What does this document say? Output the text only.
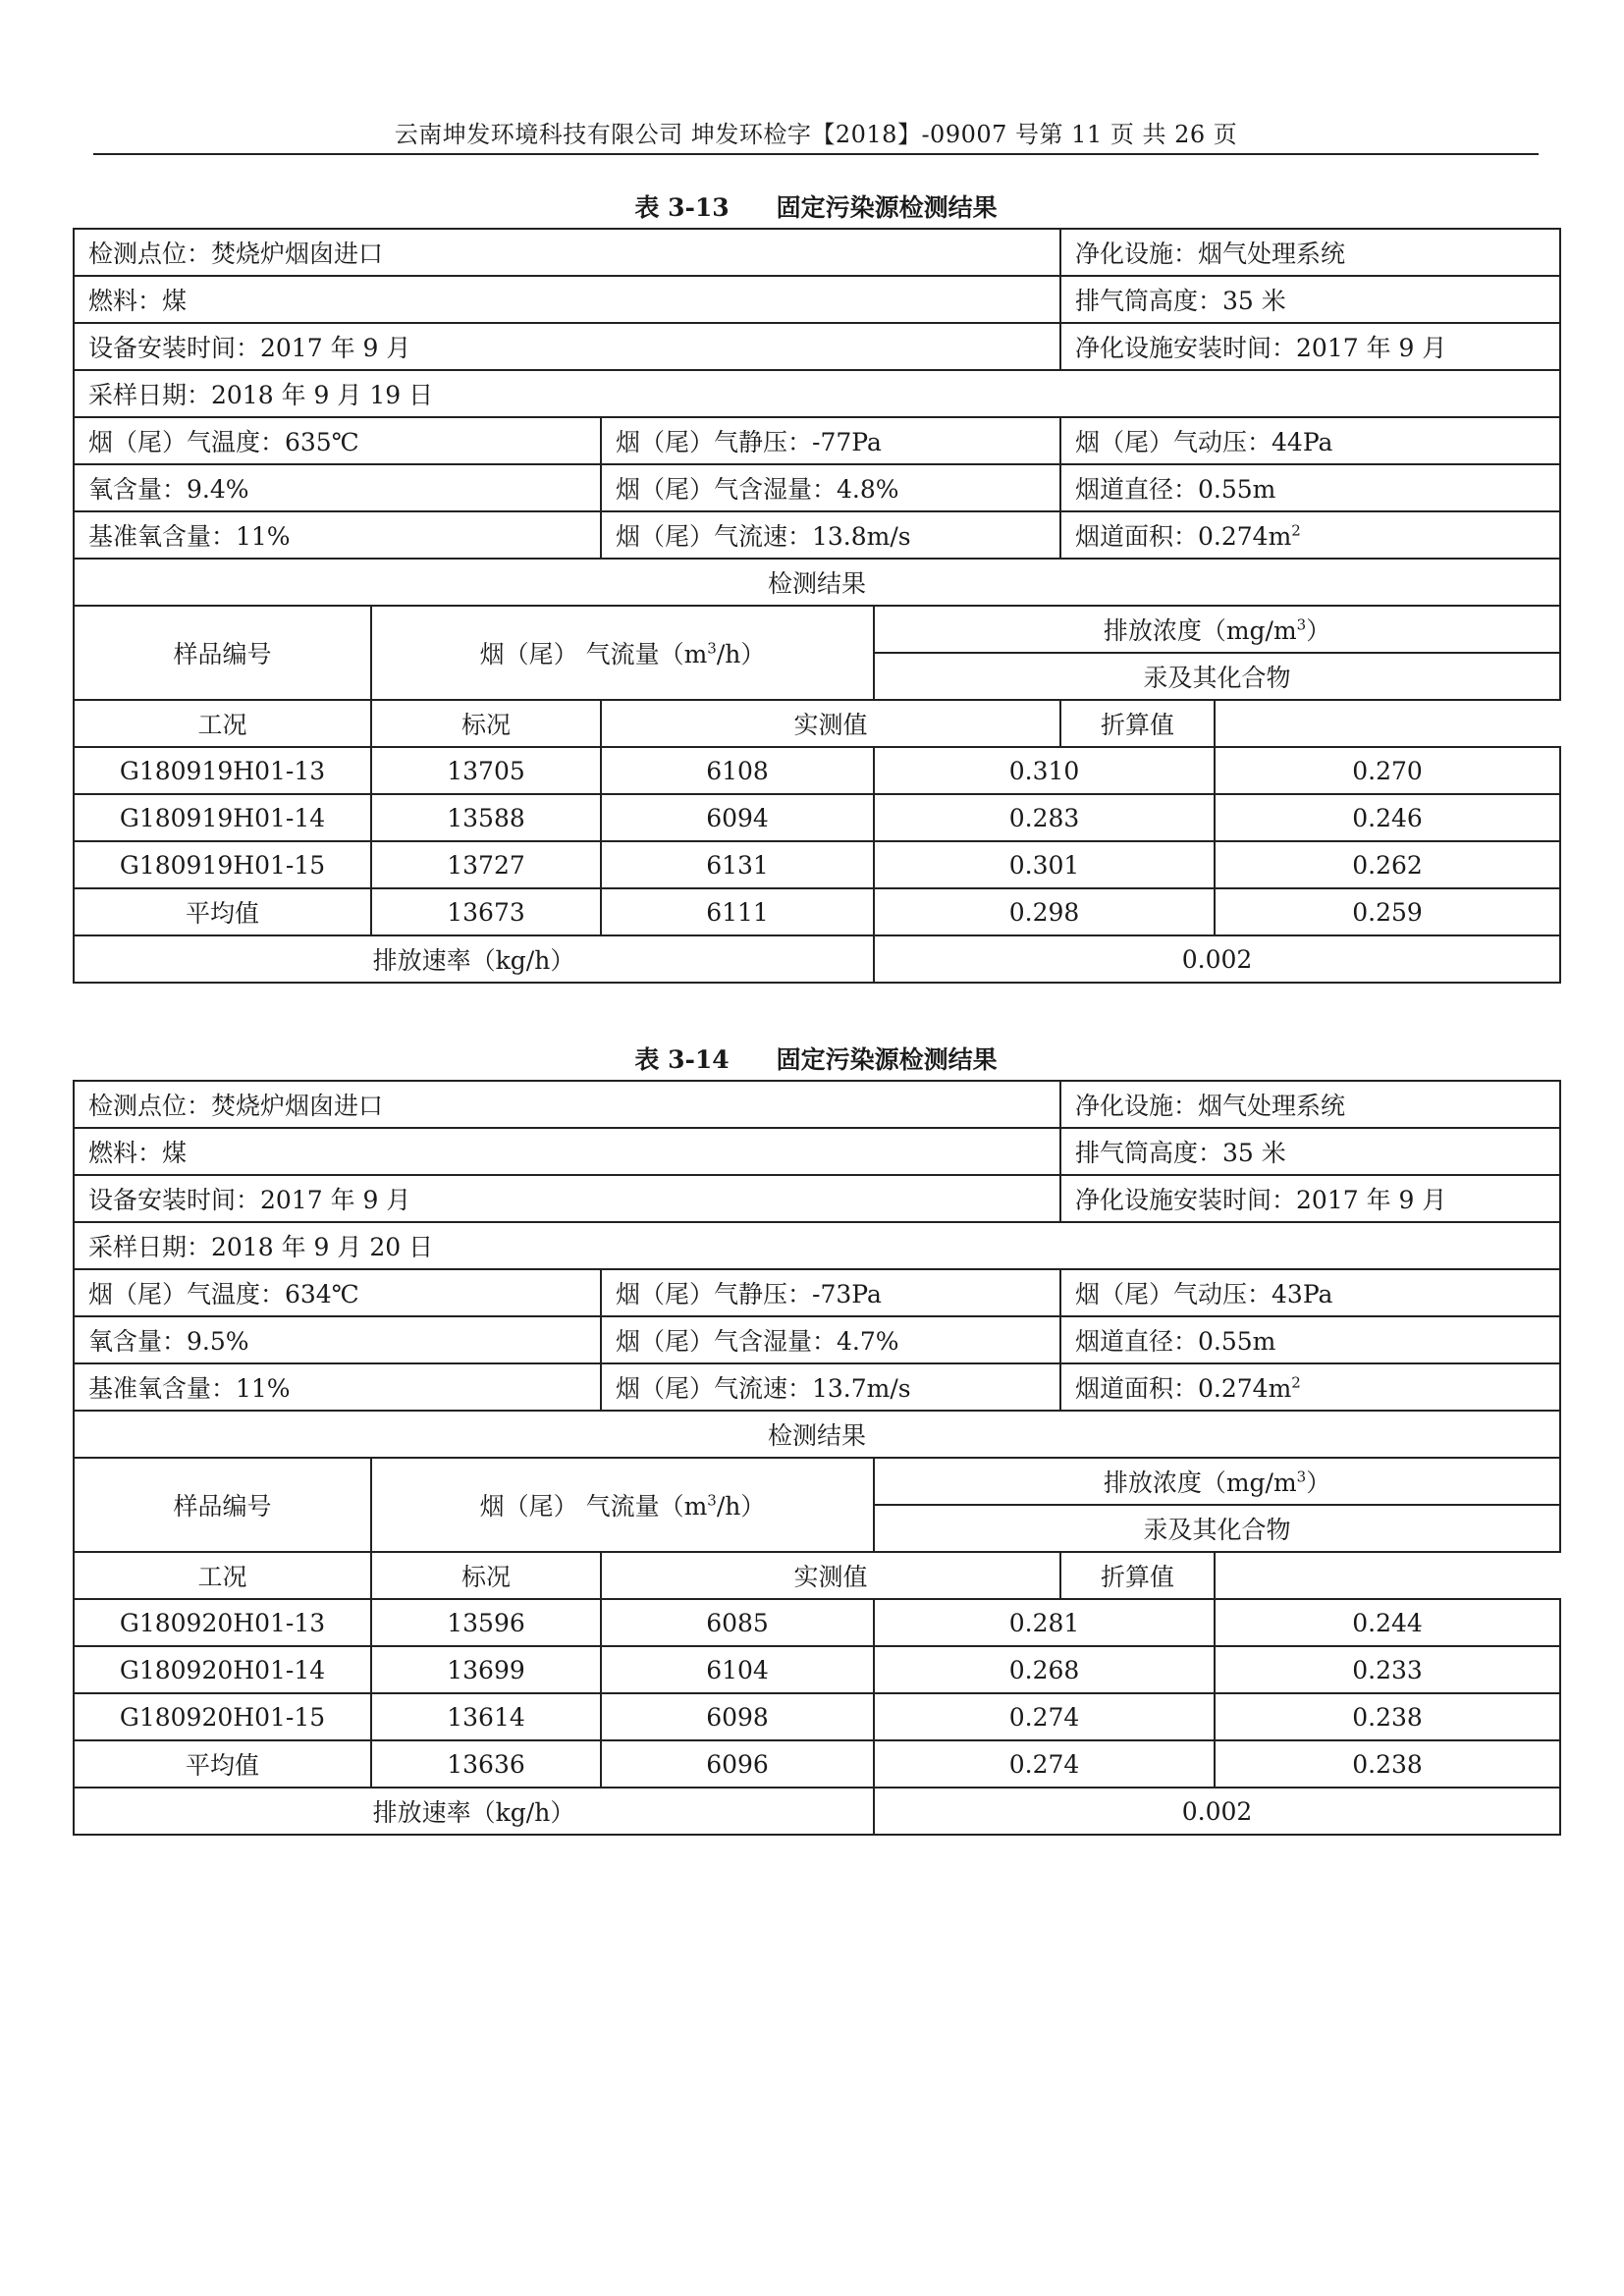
云南坤发环境科技有限公司 坤发环检字【2018】-09007 号第 11 页 共 26 页
表 3-13 固定污染源检测结果
检测点位：焚烧炉烟囱进口				净化设施：烟气处理系统	
燃料：煤				排气筒高度：35 米	
设备安装时间：2017 年 9 月				净化设施安装时间：2017 年 9 月	
采样日期：2018 年 9 月 19 日					
烟（尾）气温度：635℃		烟（尾）气静压：-77Pa		烟（尾）气动压：44Pa	
氧含量：9.4%		烟（尾）气含湿量：4.8%		烟道直径：0.55m	
基准氧含量：11%		烟（尾）气流速：13.8m/s		烟道面积：$0.274m^2$
检测结果					
样品编号	烟（尾） 气流量$(m^3/h)$		排放浓度$(mg/m^3)$		
			汞及其化合物		
工况	标况	实测值		折算值	
G180919H01-13	13705	6108	0.310		0.270
G180919H01-14	13588	6094	0.283		0.246
G180919H01-15	13727	6131	0.301		0.262
平均值	13673	6111	0.298		0.259
排放速率（kg/h）			0.002		
表 3-14 固定污染源检测结果
检测点位：焚烧炉烟囱进口				净化设施：烟气处理系统	
燃料：煤				排气筒高度：35 米	
设备安装时间：2017 年 9 月				净化设施安装时间：2017 年 9 月	
采样日期：2018 年 9 月 20 日					
烟（尾）气温度：634℃		烟（尾）气静压：-73Pa		烟（尾）气动压：43Pa	
氧含量：9.5%		烟（尾）气含湿量：4.7%		烟道直径：0.55m	
基准氧含量：11%		烟（尾）气流速：13.7m/s		烟道面积：$0.274m^2$
检测结果					
样品编号	烟（尾） 气流量$(m^3/h)$		排放浓度$(mg/m^3)$		
			汞及其化合物		
工况	标况	实测值		折算值	
G180920H01-13	13596	6085	0.281		0.244
G180920H01-14	13699	6104	0.268		0.233
G180920H01-15	13614	6098	0.274		0.238
平均值	13636	6096	0.274		0.238
排放速率（kg/h）			0.002		
